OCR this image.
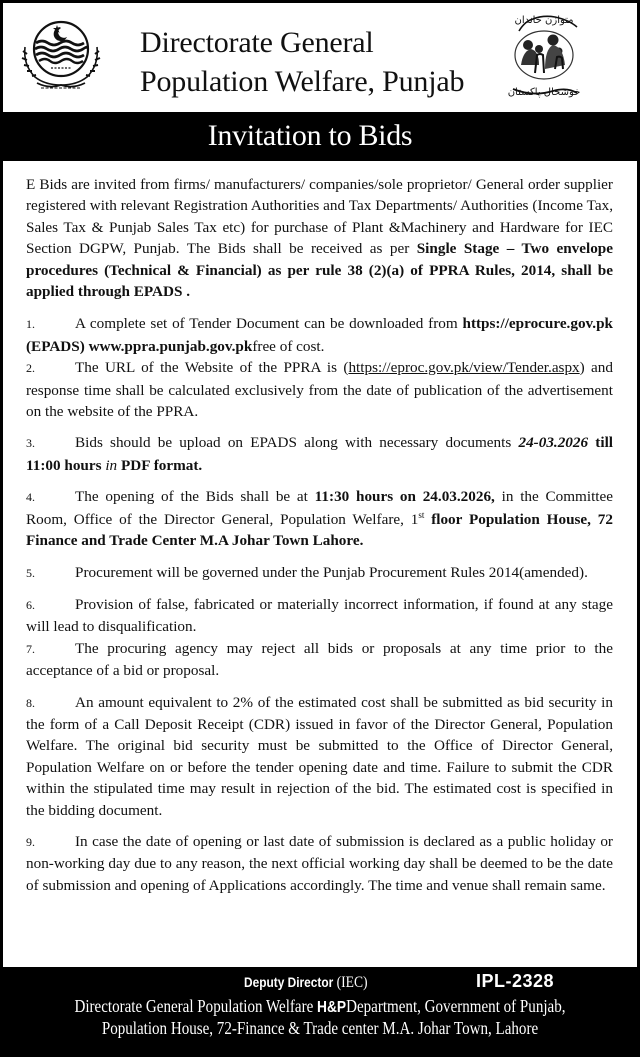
Directorate General
Population Welfare, Punjab
متوازن خاندان
خوشحال پاکستان
Invitation to Bids

E Bids are invited from firms/ manufacturers/ companies/sole proprietor/ General order supplier registered with relevant Registration Authorities and Tax Departments/ Authorities (Income Tax, Sales Tax & Punjab Sales Tax etc) for purchase of Plant &Machinery and Hardware for IEC Section DGPW, Punjab. The Bids shall be received as per Single Stage – Two envelope procedures (Technical & Financial) as per rule 38 (2)(a) of PPRA Rules, 2014, shall be applied through EPADS .

1.	A complete set of Tender Document can be downloaded from https://eprocure.gov.pk (EPADS) www.ppra.punjab.gov.pkfree of cost.

2.	The URL of the Website of the PPRA is (https://eproc.gov.pk/view/Tender.aspx) and response time shall be calculated exclusively from the date of publication of the advertisement on the website of the PPRA.

3.	Bids should be upload on EPADS along with necessary documents 24-03.2026 till 11:00 hours in PDF format.

4.	The opening of the Bids shall be at 11:30 hours on 24.03.2026, in the Committee Room, Office of the Director General, Population Welfare, 1st floor Population House, 72 Finance and Trade Center M.A Johar Town Lahore.

5.	Procurement will be governed under the Punjab Procurement Rules 2014(amended).

6.	Provision of false, fabricated or materially incorrect information, if found at any stage will lead to disqualification.

7.	The procuring agency may reject all bids or proposals at any time prior to the acceptance of a bid or proposal.

8.	An amount equivalent to 2% of the estimated cost shall be submitted as bid security in the form of a Call Deposit Receipt (CDR) issued in favor of the Director General, Population Welfare. The original bid security must be submitted to the Office of Director General, Population Welfare on or before the tender opening date and time. Failure to submit the CDR within the stipulated time may result in rejection of the bid. The estimated cost is specified in the bidding document.

9.	In case the date of opening or last date of submission is declared as a public holiday or non-working day due to any reason, the next official working day shall be deemed to be the date of submission and opening of Applications accordingly. The time and venue shall remain same.

Deputy Director (IEC)	IPL-2328
Directorate General Population Welfare H&PDepartment, Government of Punjab,
Population House, 72-Finance & Trade center M.A. Johar Town, Lahore
